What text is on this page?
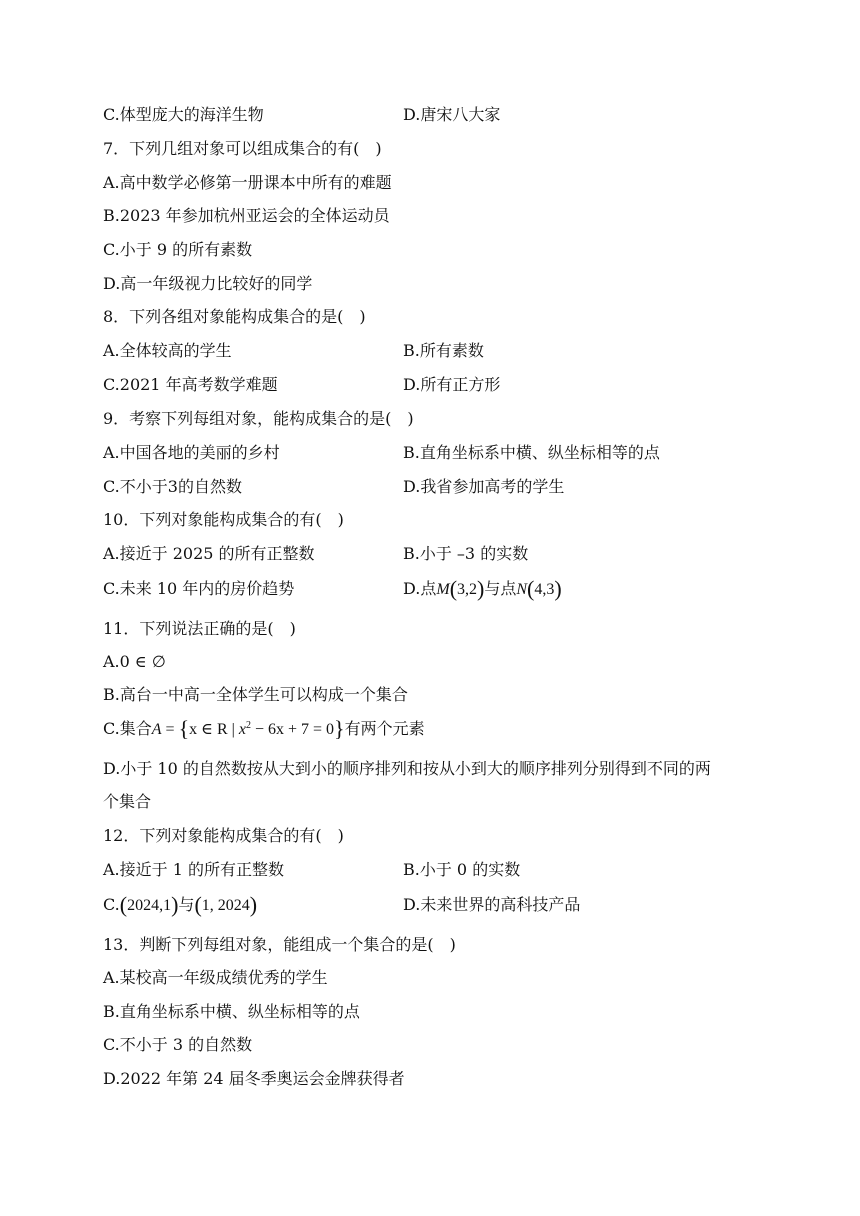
C.体型庞大的海洋生物	D.唐宋八大家
7．下列几组对象可以组成集合的有(　)
A.高中数学必修第一册课本中所有的难题
B.2023 年参加杭州亚运会的全体运动员
C.小于 9 的所有素数
D.高一年级视力比较好的同学
8．下列各组对象能构成集合的是(　)
A.全体较高的学生	B.所有素数
C.2021 年高考数学难题	D.所有正方形
9．考察下列每组对象，能构成集合的是(　)
A.中国各地的美丽的乡村	B.直角坐标系中横、纵坐标相等的点
C.不小于3的自然数	D.我省参加高考的学生
10．下列对象能构成集合的有(　)
A.接近于 2025 的所有正整数	B.小于 –3 的实数
C.未来 10 年内的房价趋势	D.点M(3,2)与点N(4,3)
11．下列说法正确的是(　)
A.0 ∈ ∅
B.高台一中高一全体学生可以构成一个集合
C.集合A = {x ∈ R | $x^2 - 6x + 7 = 0$}有两个元素
D.小于 10 的自然数按从大到小的顺序排列和按从小到大的顺序排列分别得到不同的两
个集合
12．下列对象能构成集合的有(　)
A.接近于 1 的所有正整数	B.小于 0 的实数
C.(2024,1)与(1, 2024)	D.未来世界的高科技产品
13．判断下列每组对象，能组成一个集合的是(　)
A.某校高一年级成绩优秀的学生
B.直角坐标系中横、纵坐标相等的点
C.不小于 3 的自然数
D.2022 年第 24 届冬季奥运会金牌获得者
